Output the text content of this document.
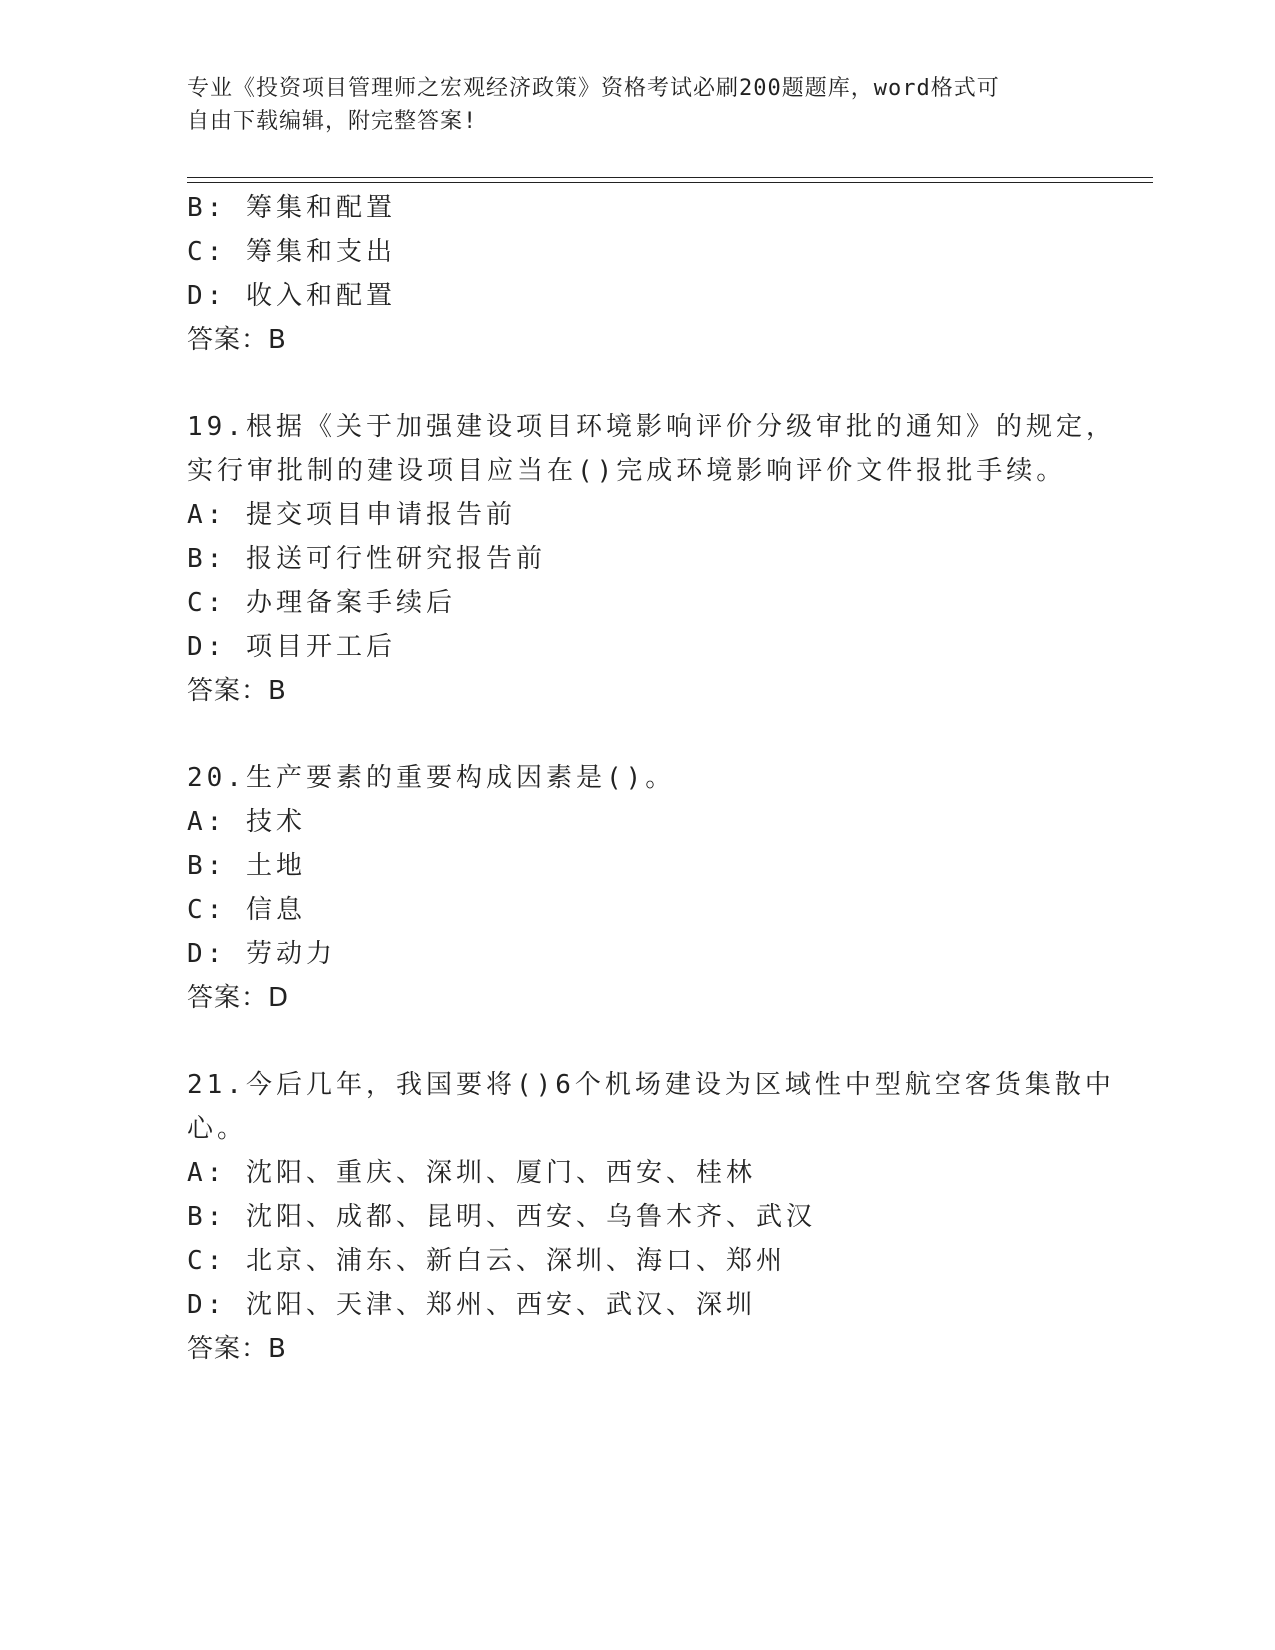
专业《投资项目管理师之宏观经济政策》资格考试必刷200题题库，word格式可
自由下载编辑，附完整答案!
B: 筹集和配置
C: 筹集和支出
D: 收入和配置
答案：B
19.根据《关于加强建设项目环境影响评价分级审批的通知》的规定，
实行审批制的建设项目应当在()完成环境影响评价文件报批手续。
A: 提交项目申请报告前
B: 报送可行性研究报告前
C: 办理备案手续后
D: 项目开工后
答案：B
20.生产要素的重要构成因素是()。
A: 技术
B: 土地
C: 信息
D: 劳动力
答案：D
21.今后几年，我国要将()6个机场建设为区域性中型航空客货集散中
心。
A: 沈阳、重庆、深圳、厦门、西安、桂林
B: 沈阳、成都、昆明、西安、乌鲁木齐、武汉
C: 北京、浦东、新白云、深圳、海口、郑州
D: 沈阳、天津、郑州、西安、武汉、深圳
答案：B
